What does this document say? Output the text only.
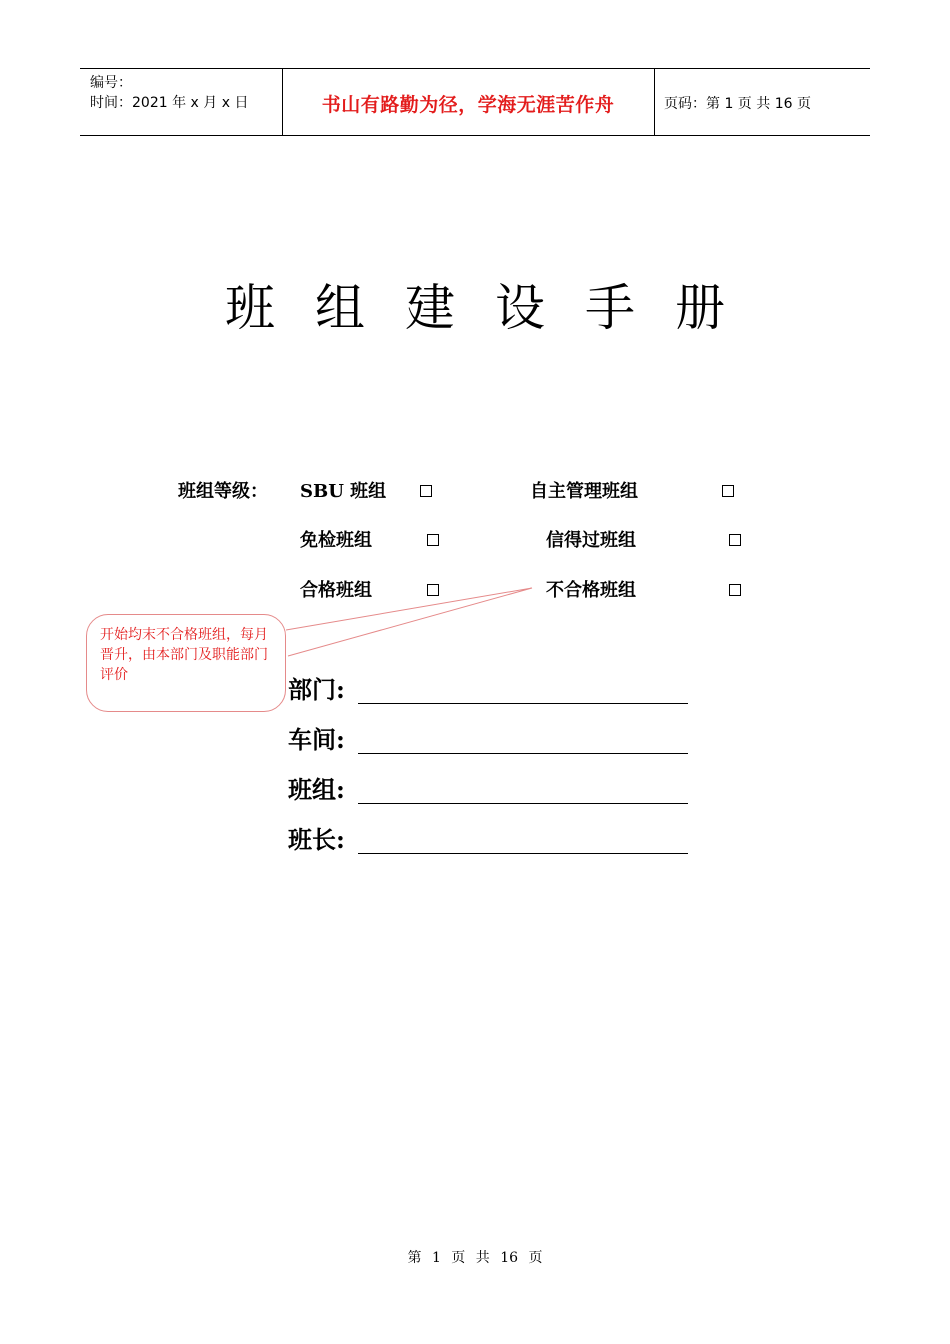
编号：
时间：2021 年 x 月 x 日	书山有路勤为径，学海无涯苦作舟	页码：第 1 页 共 16 页
班组建设手册
班组等级： SBU 班组	自主管理班组
免检班组	信得过班组
合格班组	不合格班组
开始均末不合格班组，每月晋升，由本部门及职能部门评价	部门:
车间:
班组:
班长:
第 1 页 共 16 页
